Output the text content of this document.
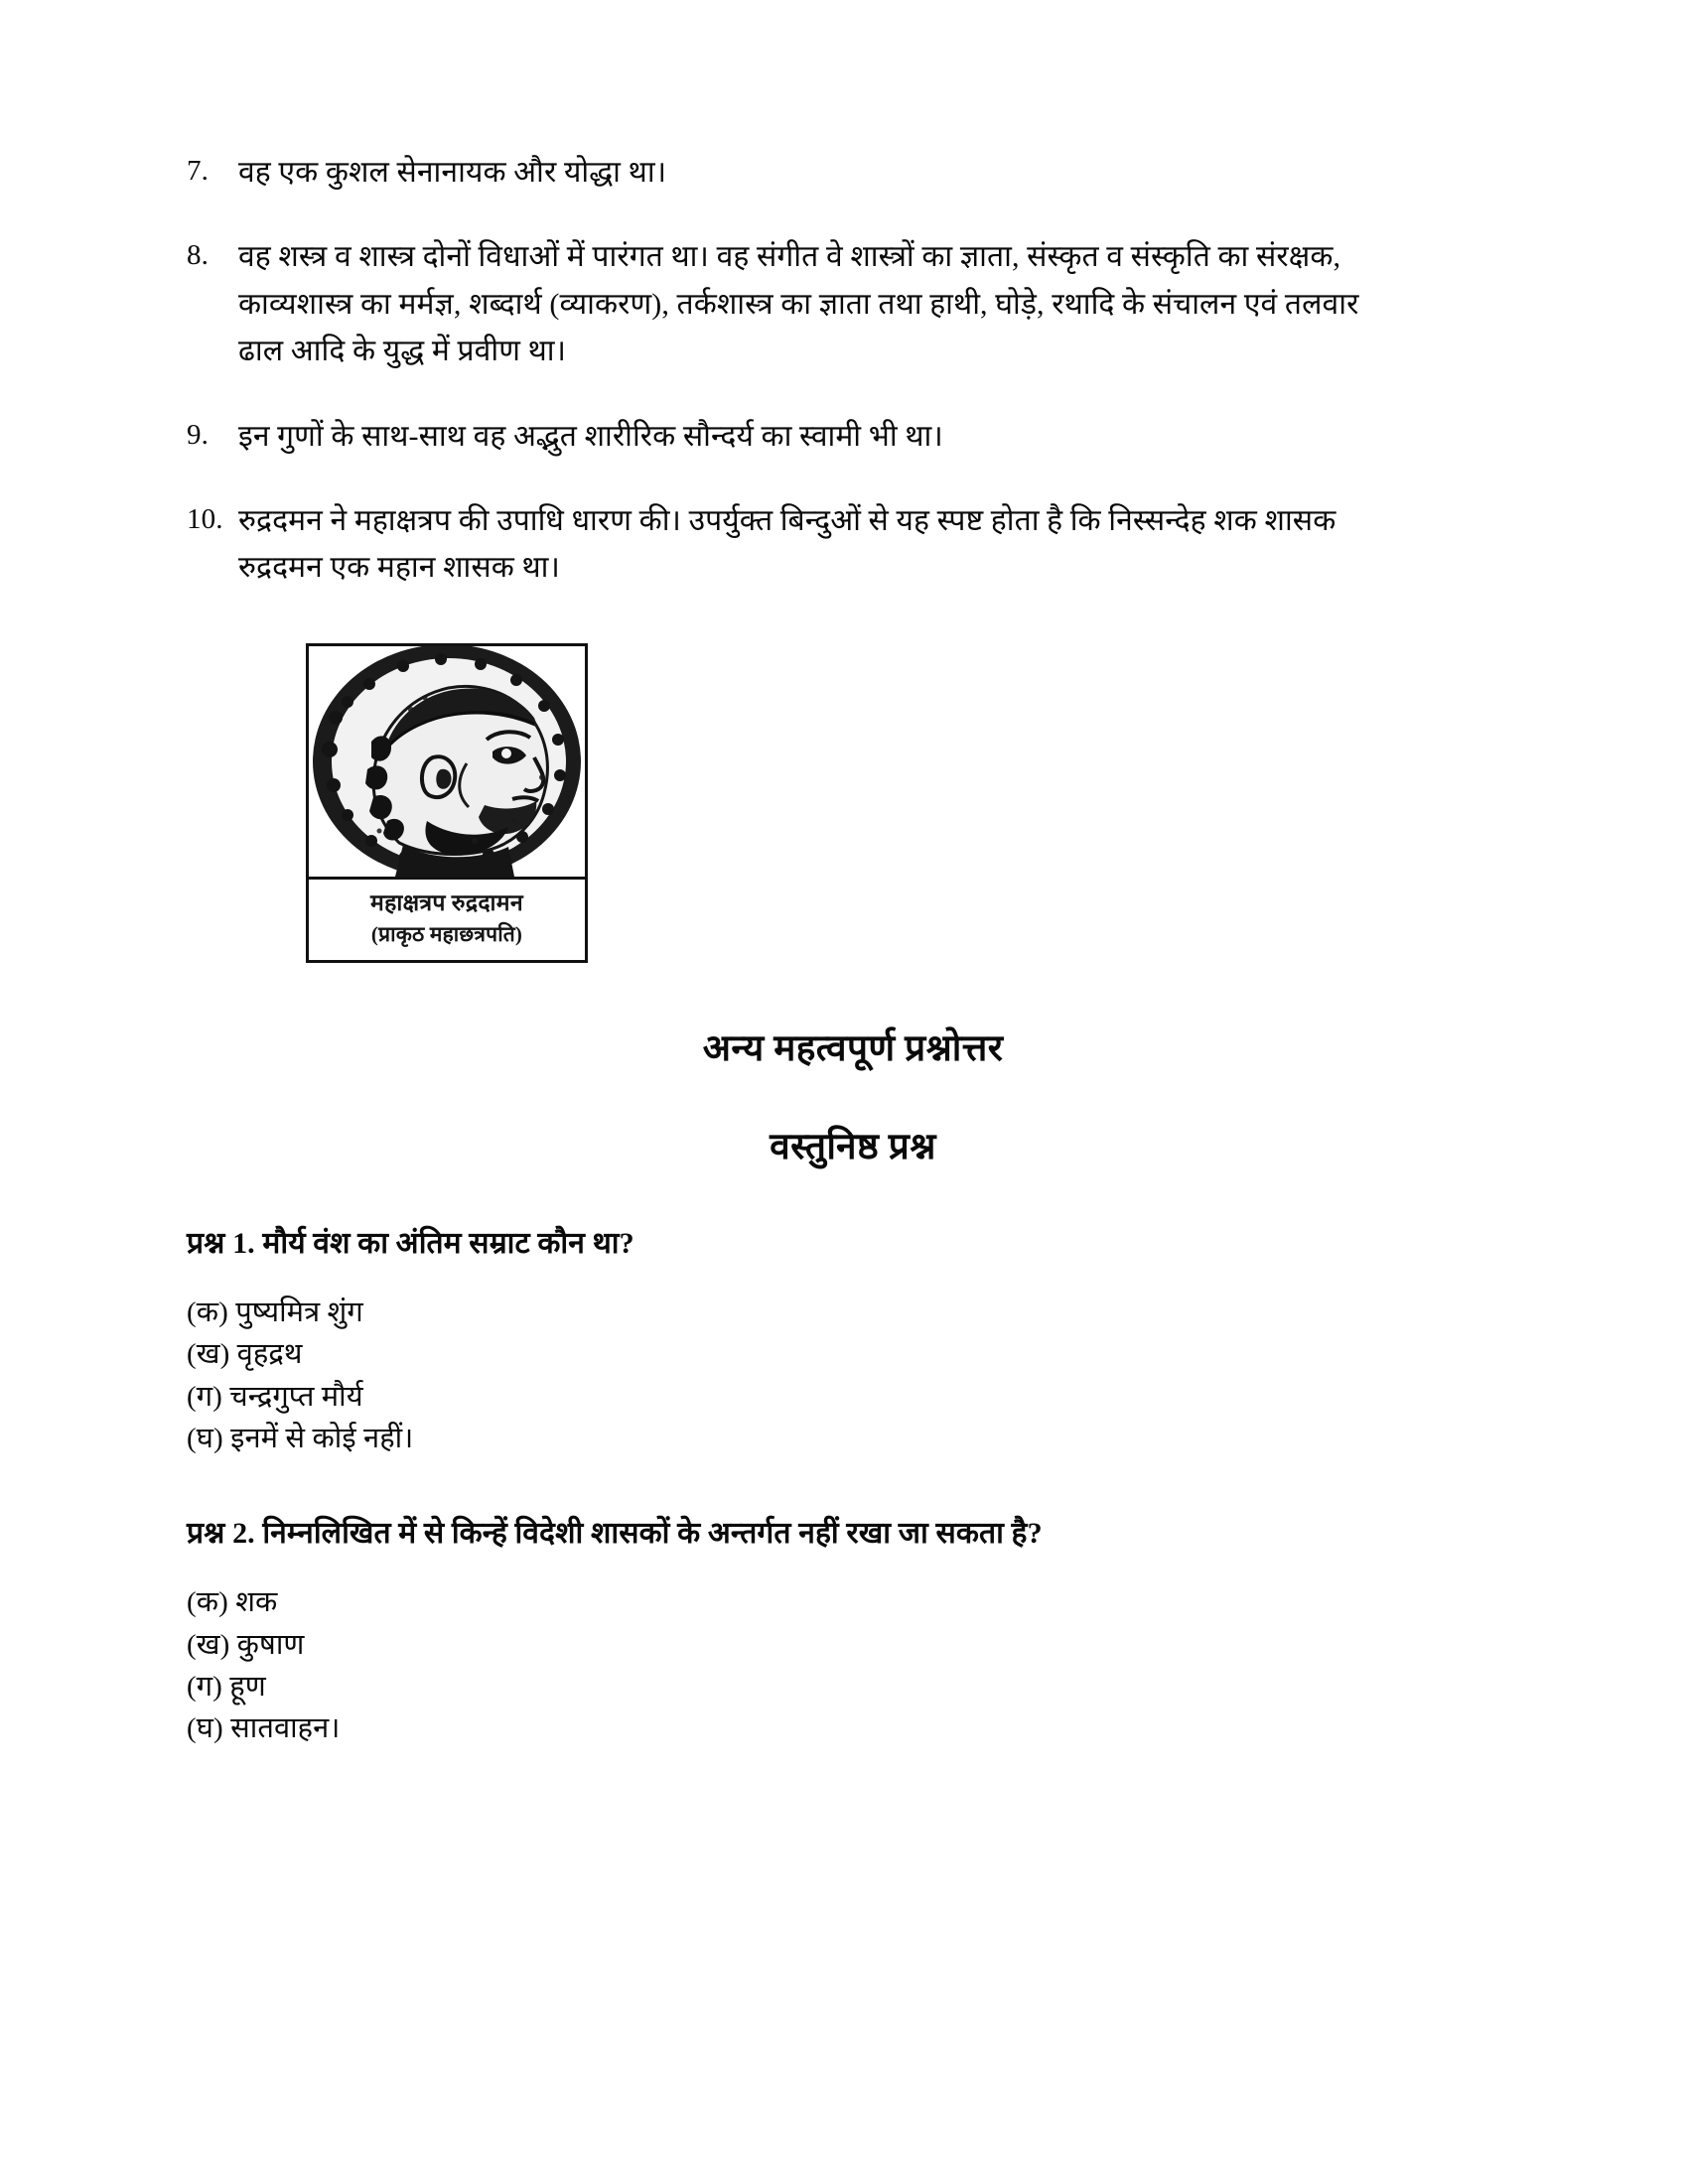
7.	वह एक कुशल सेनानायक और योद्धा था।
8.	वह शस्त्र व शास्त्र दोनों विधाओं में पारंगत था। वह संगीत वे शास्त्रों का ज्ञाता, संस्कृत व संस्कृति का संरक्षक, काव्यशास्त्र का मर्मज्ञ, शब्दार्थ (व्याकरण), तर्कशास्त्र का ज्ञाता तथा हाथी, घोड़े, रथादि के संचालन एवं तलवार ढाल आदि के युद्ध में प्रवीण था।
9.	इन गुणों के साथ-साथ वह अद्भुत शारीरिक सौन्दर्य का स्वामी भी था।
10. रुद्रदमन ने महाक्षत्रप की उपाधि धारण की। उपर्युक्त बिन्दुओं से यह स्पष्ट होता है कि निस्सन्देह शक शासक रुद्रदमन एक महान शासक था।
महाक्षत्रप रुद्रदामन
(प्राकृठ महाछत्रपति)
अन्य महत्वपूर्ण प्रश्नोत्तर
वस्तुनिष्ठ प्रश्न
प्रश्न 1. मौर्य वंश का अंतिम सम्राट कौन था?
(क) पुष्यमित्र शुंग
(ख) वृहद्रथ
(ग) चन्द्रगुप्त मौर्य
(घ) इनमें से कोई नहीं।
प्रश्न 2. निम्नलिखित में से किन्हें विदेशी शासकों के अन्तर्गत नहीं रखा जा सकता है?
(क) शक
(ख) कुषाण
(ग) हूण
(घ) सातवाहन।
